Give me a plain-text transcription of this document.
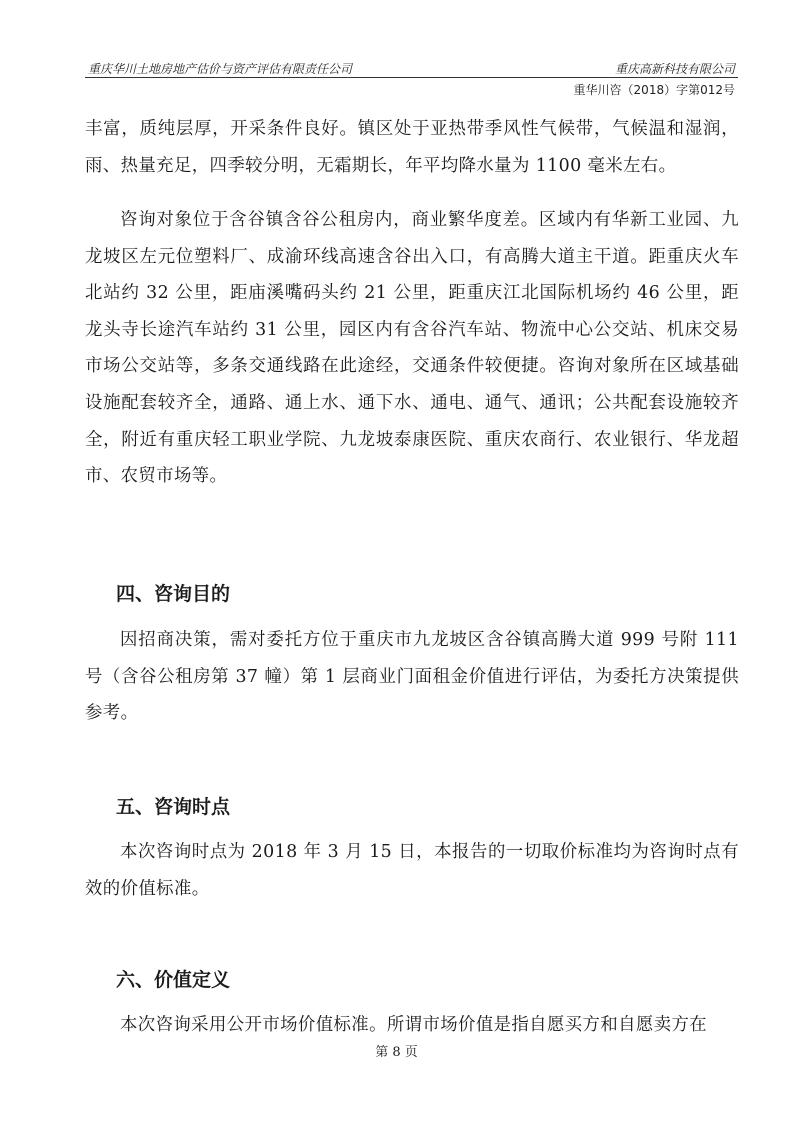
重庆华川土地房地产估价与资产评估有限责任公司	重庆高新科技有限公司
重华川咨（2018）字第012号

丰富，质纯层厚，开采条件良好。镇区处于亚热带季风性气候带，气候温和湿润，雨、热量充足，四季较分明，无霜期长，年平均降水量为 1100 毫米左右。

咨询对象位于含谷镇含谷公租房内，商业繁华度差。区域内有华新工业园、九龙坡区左元位塑料厂、成渝环线高速含谷出入口，有高腾大道主干道。距重庆火车北站约 32 公里，距庙溪嘴码头约 21 公里，距重庆江北国际机场约 46 公里，距龙头寺长途汽车站约 31 公里，园区内有含谷汽车站、物流中心公交站、机床交易市场公交站等，多条交通线路在此途经，交通条件较便捷。咨询对象所在区域基础设施配套较齐全，通路、通上水、通下水、通电、通气、通讯；公共配套设施较齐全，附近有重庆轻工职业学院、九龙坡泰康医院、重庆农商行、农业银行、华龙超市、农贸市场等。

四、咨询目的

因招商决策，需对委托方位于重庆市九龙坡区含谷镇高腾大道 999 号附 111 号（含谷公租房第 37 幢）第 1 层商业门面租金价值进行评估，为委托方决策提供参考。

五、咨询时点

本次咨询时点为 2018 年 3 月 15 日，本报告的一切取价标准均为咨询时点有效的价值标准。

六、价值定义

本次咨询采用公开市场价值标准。所谓市场价值是指自愿买方和自愿卖方在

第 8 页
